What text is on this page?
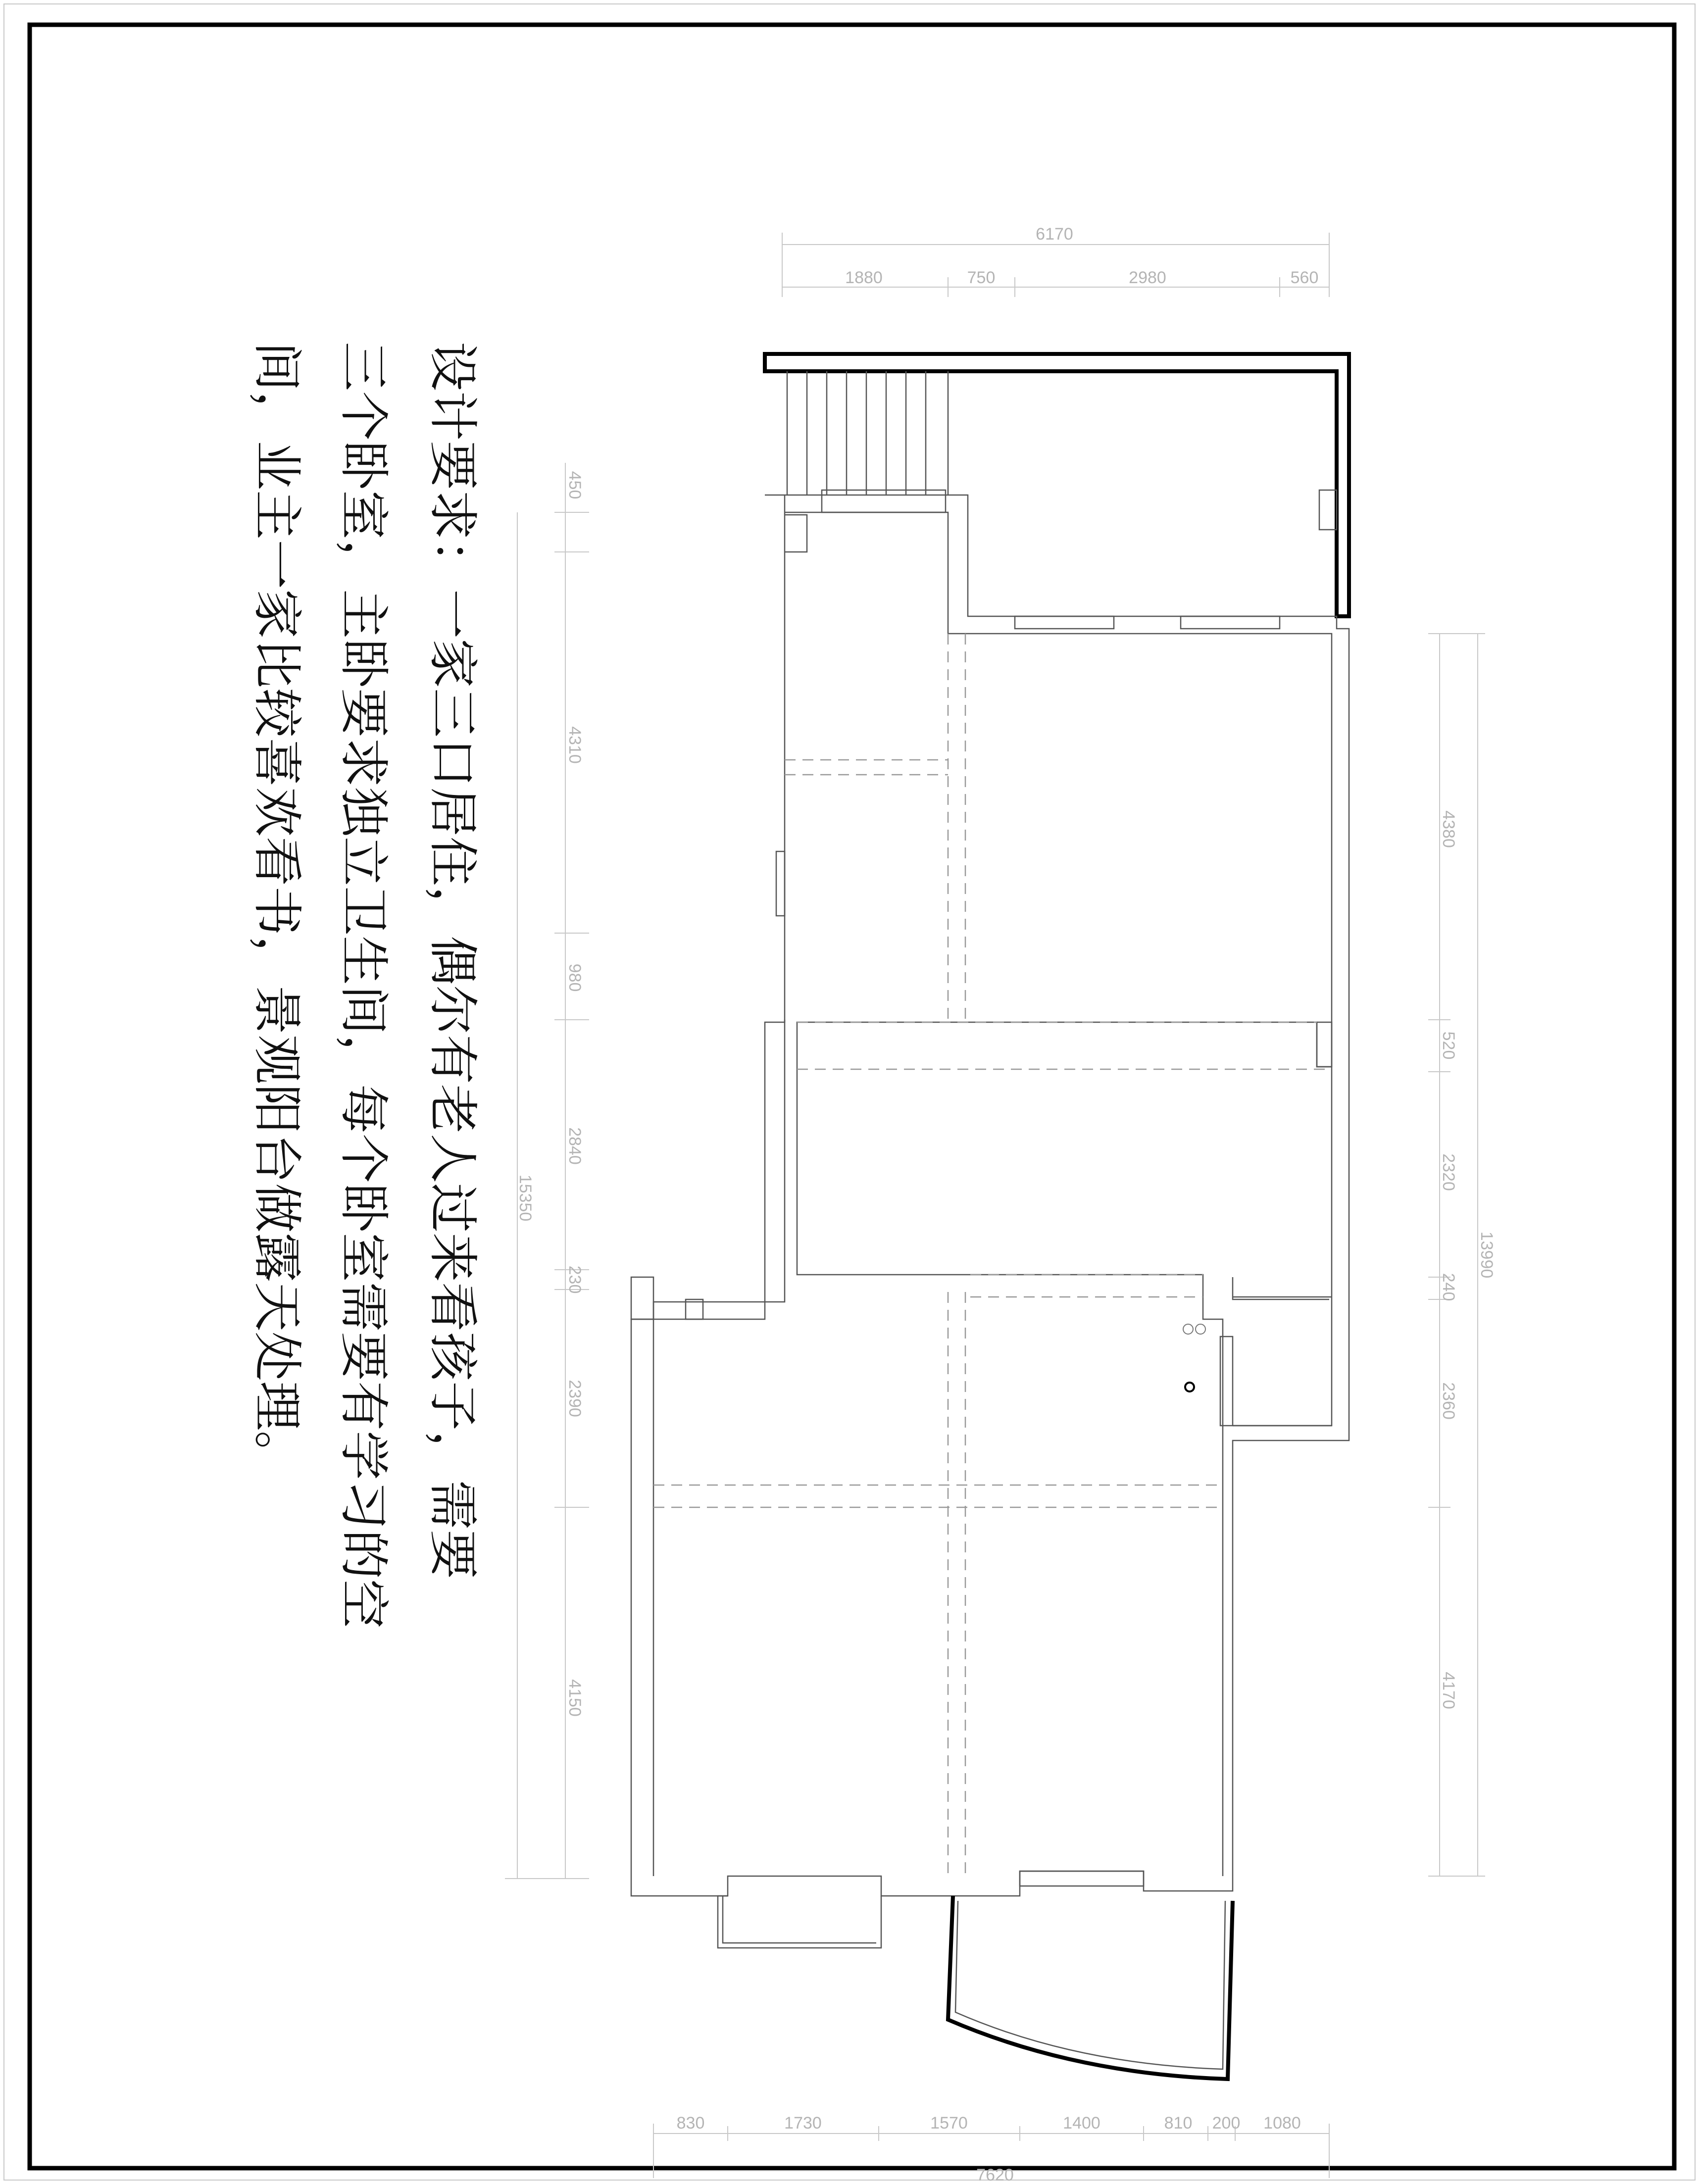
设计要求：一家三口居住，偶尔有老人过来看孩子，需要
三个卧室，主卧要求独立卫生间，每个卧室需要有学习的空
间，业主一家比较喜欢看书，景观阳台做露天处理。
6170
1880	750	2980	560
15350
450
4310
980
2840
230
2390
4150
13990
4380
520
2320
240
2360
4170
830	1730	1570	1400	810 200 1080
7620
